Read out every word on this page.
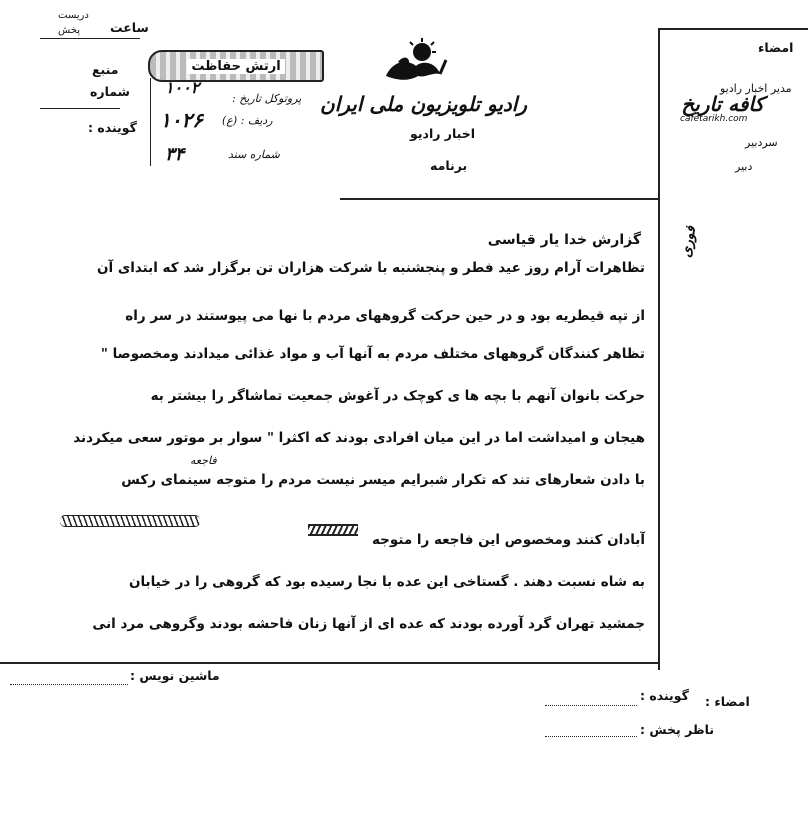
دریست
ساعت
پخش
منبع
شماره
گوینده :
ارتش حفاظت
پروتوکل تاریخ :
۱۰۰۲
ردیف : (ع)
۱۰۲۶
شماره سند
۳۴
رادیو تلویزیون ملی ایران
اخبار رادیو
برنامه
امضاء
مدیر اخبار رادیو
کافه تاریخ
cafetarikh.com
سردبیر
دبیر
فوری
گزارش خدا یار قیاسی
تظاهرات آرام روز عید فطر و پنجشنبه با شرکت هزاران تن برگزار شد که ابتدای آن
از تپه قیطریه بود و در حین حرکت گروههای مردم با نها می پیوستند در سر راه
تظاهر کنندگان گروههای مختلف مردم به آنها آب و مواد غذائی میدادند ومخصوصا "
حرکت بانوان آنهم با بچه ها ی کوچک در آغوش جمعیت تماشاگر را بیشتر به
هیجان و امیداشت اما در این میان افرادی بودند که اکثرا " سوار بر موتور سعی میکردند
فاجعه
با دادن شعارهای تند که تکرار شبرایم میسر نیست مردم را متوجه سینمای رکس
آبادان کنند ومخصوص این فاجعه را متوجه
به شاه نسبت دهند . گستاخی این عده با نجا رسیده بود که گروهی را در خیابان
جمشید تهران گرد آورده بودند که عده ای از آنها زنان فاحشه بودند وگروهی مرد انی
ماشین نویس :
امضاء :
گوینده :
ناظر پخش :
